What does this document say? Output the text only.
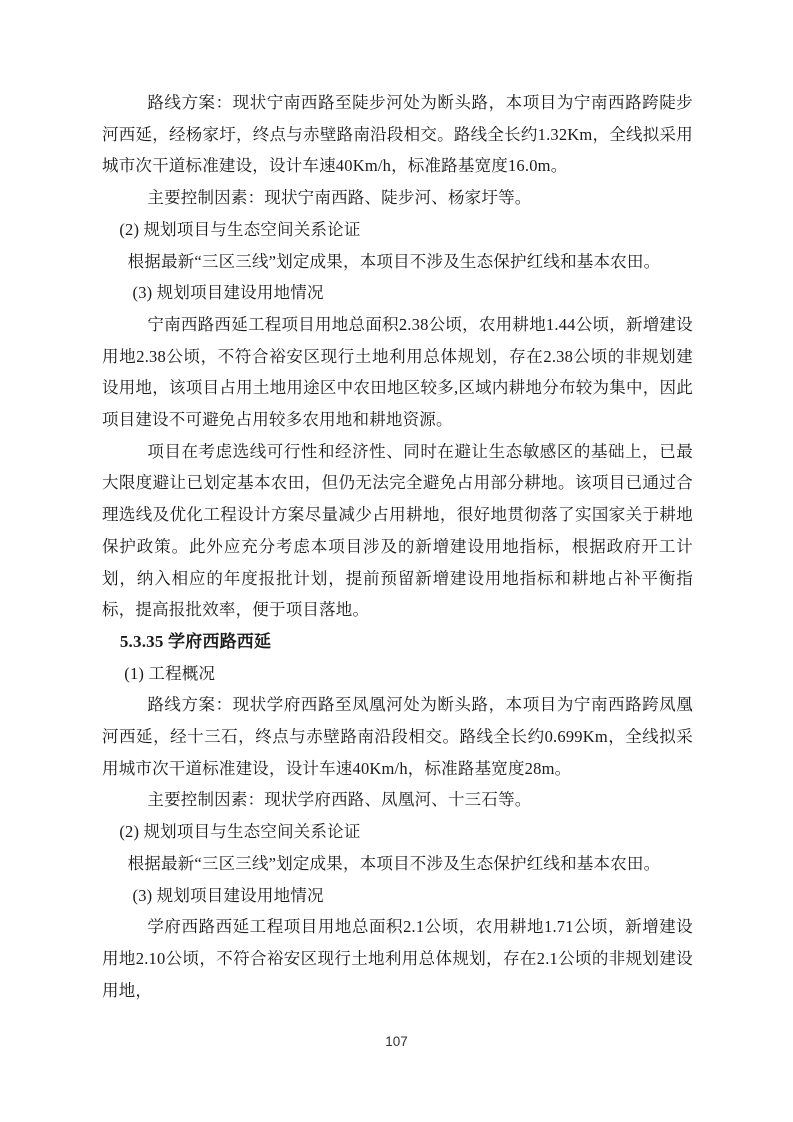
路线方案：现状宁南西路至陡步河处为断头路，本项目为宁南西路跨陡步河西延，经杨家圩，终点与赤壁路南沿段相交。路线全长约1.32Km，全线拟采用城市次干道标准建设，设计车速40Km/h，标准路基宽度16.0m。

主要控制因素：现状宁南西路、陡步河、杨家圩等。

(2) 规划项目与生态空间关系论证

根据最新“三区三线”划定成果，本项目不涉及生态保护红线和基本农田。

(3) 规划项目建设用地情况

宁南西路西延工程项目用地总面积2.38公顷，农用耕地1.44公顷，新增建设用地2.38公顷，不符合裕安区现行土地利用总体规划，存在2.38公顷的非规划建设用地，该项目占用土地用途区中农田地区较多,区域内耕地分布较为集中，因此项目建设不可避免占用较多农用地和耕地资源。

项目在考虑选线可行性和经济性、同时在避让生态敏感区的基础上，已最大限度避让已划定基本农田，但仍无法完全避免占用部分耕地。该项目已通过合理选线及优化工程设计方案尽量减少占用耕地，很好地贯彻落了实国家关于耕地保护政策。此外应充分考虑本项目涉及的新增建设用地指标，根据政府开工计划，纳入相应的年度报批计划，提前预留新增建设用地指标和耕地占补平衡指标，提高报批效率，便于项目落地。

5.3.35 学府西路西延

(1) 工程概况

路线方案：现状学府西路至凤凰河处为断头路，本项目为宁南西路跨凤凰河西延，经十三石，终点与赤壁路南沿段相交。路线全长约0.699Km，全线拟采用城市次干道标准建设，设计车速40Km/h，标准路基宽度28m。

主要控制因素：现状学府西路、凤凰河、十三石等。

(2) 规划项目与生态空间关系论证

根据最新“三区三线”划定成果，本项目不涉及生态保护红线和基本农田。

(3) 规划项目建设用地情况

学府西路西延工程项目用地总面积2.1公顷，农用耕地1.71公顷，新增建设用地2.10公顷，不符合裕安区现行土地利用总体规划，存在2.1公顷的非规划建设用地，

107
